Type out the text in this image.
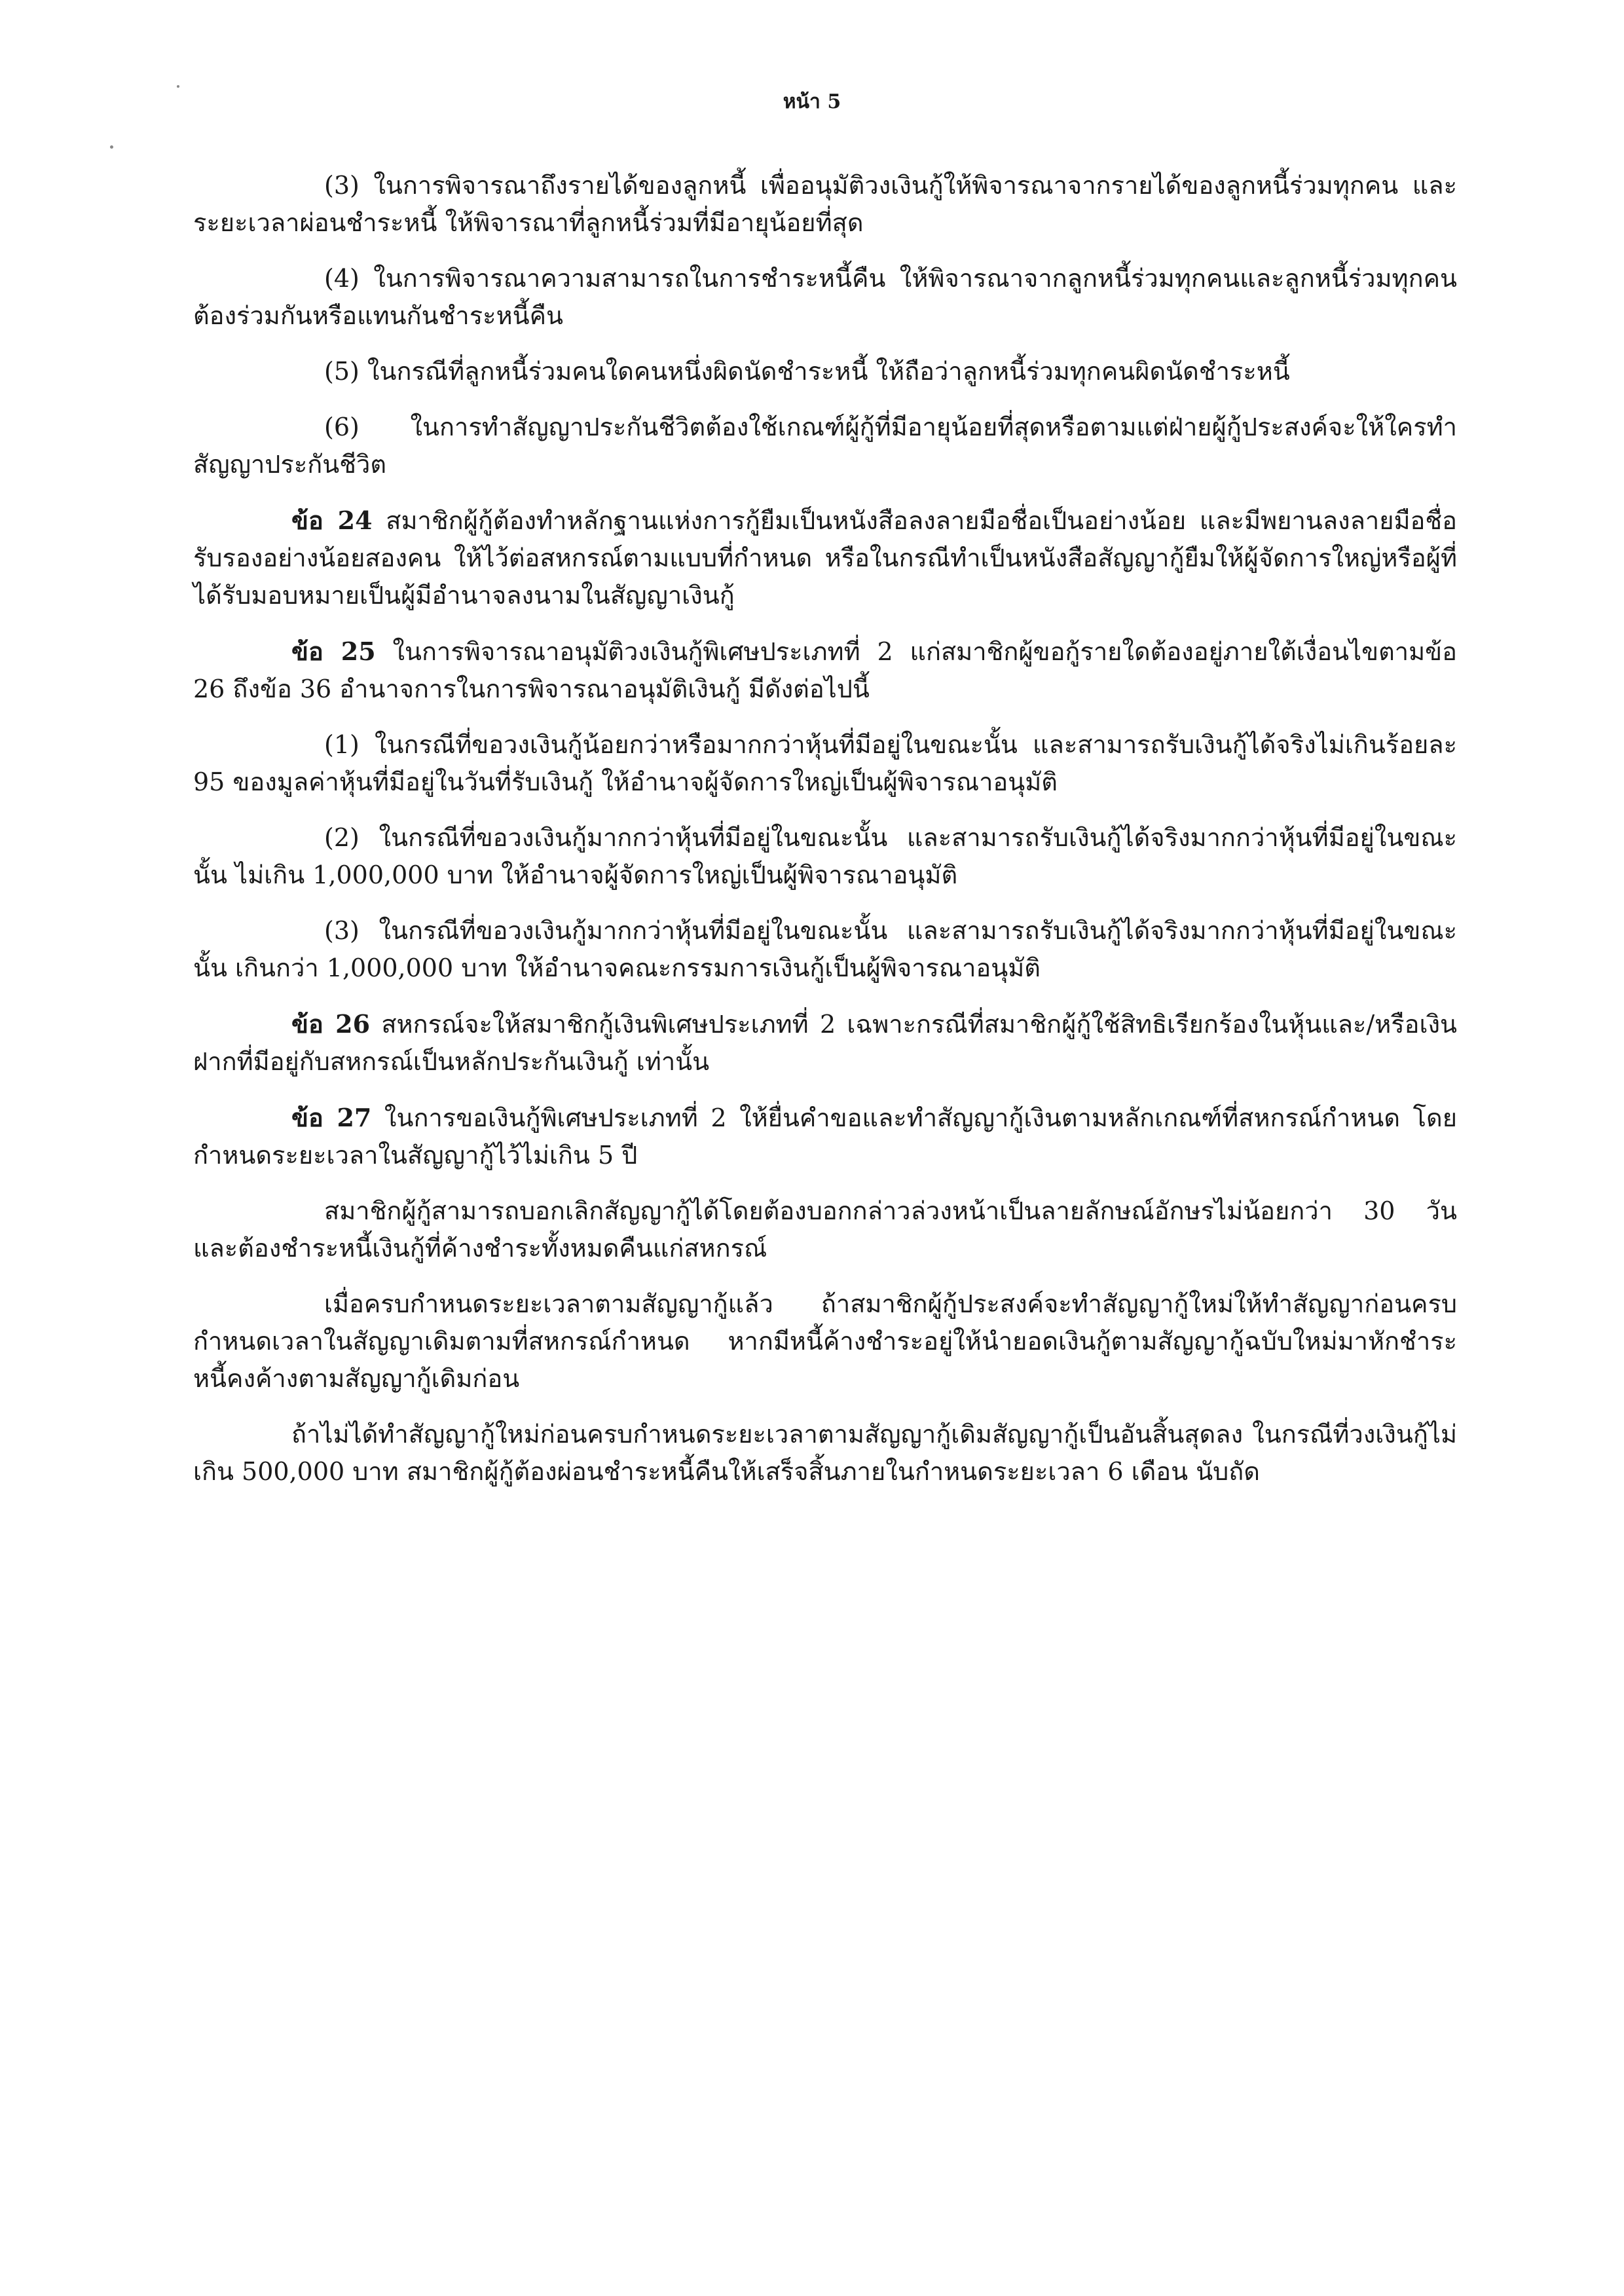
หน้า 5

(3) ในการพิจารณาถึงรายได้ของลูกหนี้ เพื่ออนุมัติวงเงินกู้ให้พิจารณาจากรายได้ของลูกหนี้ร่วมทุกคน และระยะเวลาผ่อนชำระหนี้ ให้พิจารณาที่ลูกหนี้ร่วมที่มีอายุน้อยที่สุด

(4) ในการพิจารณาความสามารถในการชำระหนี้คืน ให้พิจารณาจากลูกหนี้ร่วมทุกคนและลูกหนี้ร่วมทุกคนต้องร่วมกันหรือแทนกันชำระหนี้คืน

(5) ในกรณีที่ลูกหนี้ร่วมคนใดคนหนึ่งผิดนัดชำระหนี้ ให้ถือว่าลูกหนี้ร่วมทุกคนผิดนัดชำระหนี้

(6) ในการทำสัญญาประกันชีวิตต้องใช้เกณฑ์ผู้กู้ที่มีอายุน้อยที่สุดหรือตามแต่ฝ่ายผู้กู้ประสงค์จะให้ใครทำสัญญาประกันชีวิต

ข้อ 24 สมาชิกผู้กู้ต้องทำหลักฐานแห่งการกู้ยืมเป็นหนังสือลงลายมือชื่อเป็นอย่างน้อย และมีพยานลงลายมือชื่อรับรองอย่างน้อยสองคน ให้ไว้ต่อสหกรณ์ตามแบบที่กำหนด หรือในกรณีทำเป็นหนังสือสัญญากู้ยืมให้ผู้จัดการใหญ่หรือผู้ที่ได้รับมอบหมายเป็นผู้มีอำนาจลงนามในสัญญาเงินกู้

ข้อ 25 ในการพิจารณาอนุมัติวงเงินกู้พิเศษประเภทที่ 2 แก่สมาชิกผู้ขอกู้รายใดต้องอยู่ภายใต้เงื่อนไขตามข้อ 26 ถึงข้อ 36 อำนาจการในการพิจารณาอนุมัติเงินกู้ มีดังต่อไปนี้

(1) ในกรณีที่ขอวงเงินกู้น้อยกว่าหรือมากกว่าหุ้นที่มีอยู่ในขณะนั้น และสามารถรับเงินกู้ได้จริงไม่เกินร้อยละ 95 ของมูลค่าหุ้นที่มีอยู่ในวันที่รับเงินกู้ ให้อำนาจผู้จัดการใหญ่เป็นผู้พิจารณาอนุมัติ

(2) ในกรณีที่ขอวงเงินกู้มากกว่าหุ้นที่มีอยู่ในขณะนั้น และสามารถรับเงินกู้ได้จริงมากกว่าหุ้นที่มีอยู่ในขณะนั้น ไม่เกิน 1,000,000 บาท ให้อำนาจผู้จัดการใหญ่เป็นผู้พิจารณาอนุมัติ

(3) ในกรณีที่ขอวงเงินกู้มากกว่าหุ้นที่มีอยู่ในขณะนั้น และสามารถรับเงินกู้ได้จริงมากกว่าหุ้นที่มีอยู่ในขณะนั้น เกินกว่า 1,000,000 บาท ให้อำนาจคณะกรรมการเงินกู้เป็นผู้พิจารณาอนุมัติ

ข้อ 26 สหกรณ์จะให้สมาชิกกู้เงินพิเศษประเภทที่ 2 เฉพาะกรณีที่สมาชิกผู้กู้ใช้สิทธิเรียกร้องในหุ้นและ/หรือเงินฝากที่มีอยู่กับสหกรณ์เป็นหลักประกันเงินกู้ เท่านั้น

ข้อ 27 ในการขอเงินกู้พิเศษประเภทที่ 2 ให้ยื่นคำขอและทำสัญญากู้เงินตามหลักเกณฑ์ที่สหกรณ์กำหนด โดยกำหนดระยะเวลาในสัญญากู้ไว้ไม่เกิน 5 ปี

สมาชิกผู้กู้สามารถบอกเลิกสัญญากู้ได้โดยต้องบอกกล่าวล่วงหน้าเป็นลายลักษณ์อักษรไม่น้อยกว่า 30 วัน และต้องชำระหนี้เงินกู้ที่ค้างชำระทั้งหมดคืนแก่สหกรณ์

เมื่อครบกำหนดระยะเวลาตามสัญญากู้แล้ว ถ้าสมาชิกผู้กู้ประสงค์จะทำสัญญากู้ใหม่ให้ทำสัญญาก่อนครบกำหนดเวลาในสัญญาเดิมตามที่สหกรณ์กำหนด หากมีหนี้ค้างชำระอยู่ให้นำยอดเงินกู้ตามสัญญากู้ฉบับใหม่มาหักชำระหนี้คงค้างตามสัญญากู้เดิมก่อน

ถ้าไม่ได้ทำสัญญากู้ใหม่ก่อนครบกำหนดระยะเวลาตามสัญญากู้เดิมสัญญากู้เป็นอันสิ้นสุดลง ในกรณีที่วงเงินกู้ไม่เกิน 500,000 บาท สมาชิกผู้กู้ต้องผ่อนชำระหนี้คืนให้เสร็จสิ้นภายในกำหนดระยะเวลา 6 เดือน นับถัด
